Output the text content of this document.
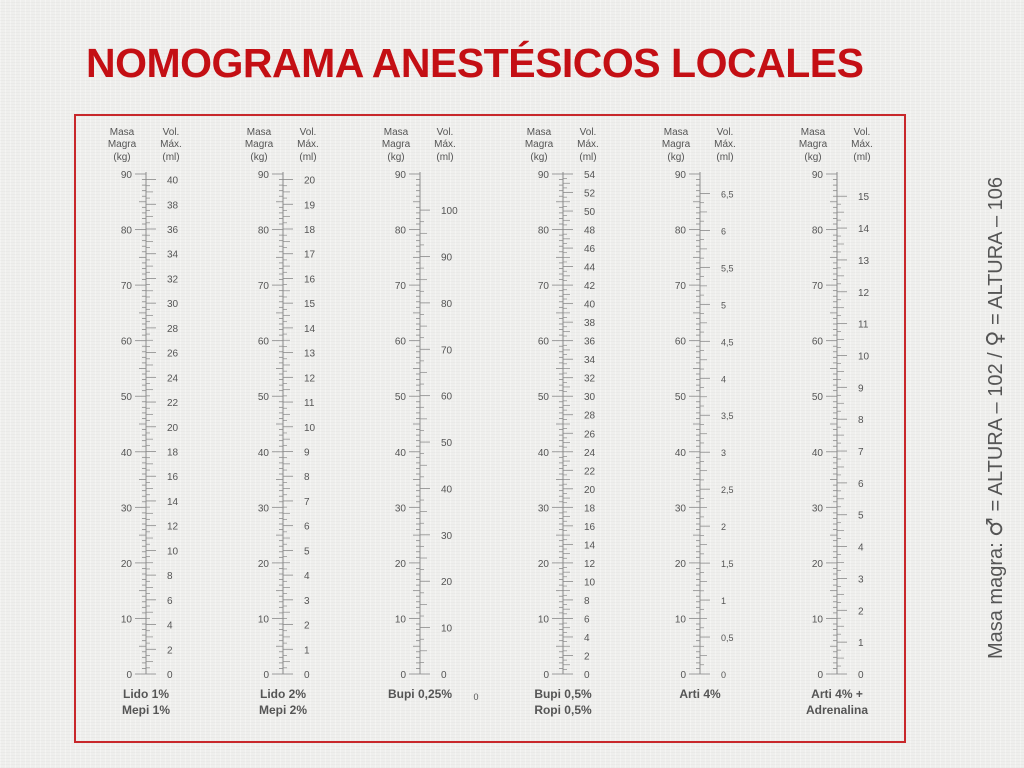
NOMOGRAMA ANESTÉSICOS LOCALES
Masa
Magra
(kg)
Vol.
Máx.
(ml)
0
10
20
30
40
50
60
70
80
90
0
2
4
6
8
10
12
14
16
18
20
22
24
26
28
30
32
34
36
38
40
Lido 1%
Mepi 1%
Masa
Magra
(kg)
Vol.
Máx.
(ml)
0
10
20
30
40
50
60
70
80
90
0
1
2
3
4
5
6
7
8
9
10
11
12
13
14
15
16
17
18
19
20
Lido 2%
Mepi 2%
Masa
Magra
(kg)
Vol.
Máx.
(ml)
0
10
20
30
40
50
60
70
80
90
0
10
20
30
40
50
60
70
80
90
100
Bupi 0,25% 0
Masa
Magra
(kg)
Vol.
Máx.
(ml)
0
10
20
30
40
50
60
70
80
90
0
2
4
6
8
10
12
14
16
18
20
22
24
26
28
30
32
34
36
38
40
42
44
46
48
50
52
54
Bupi 0,5%
Ropi 0,5%
Masa
Magra
(kg)
Vol.
Máx.
(ml)
0
10
20
30
40
50
60
70
80
90
0
0,5
1
1,5
2
2,5
3
3,5
4
4,5
5
5,5
6
6,5
Arti 4%
Masa
Magra
(kg)
Vol.
Máx.
(ml)
0
10
20
30
40
50
60
70
80
90
0
1
2
3
4
5
6
7
8
9
10
11
12
13
14
15
Arti 4% +
Adrenalina
Masa magra: ♂ = ALTURA – 102 / ♀ = ALTURA – 106
